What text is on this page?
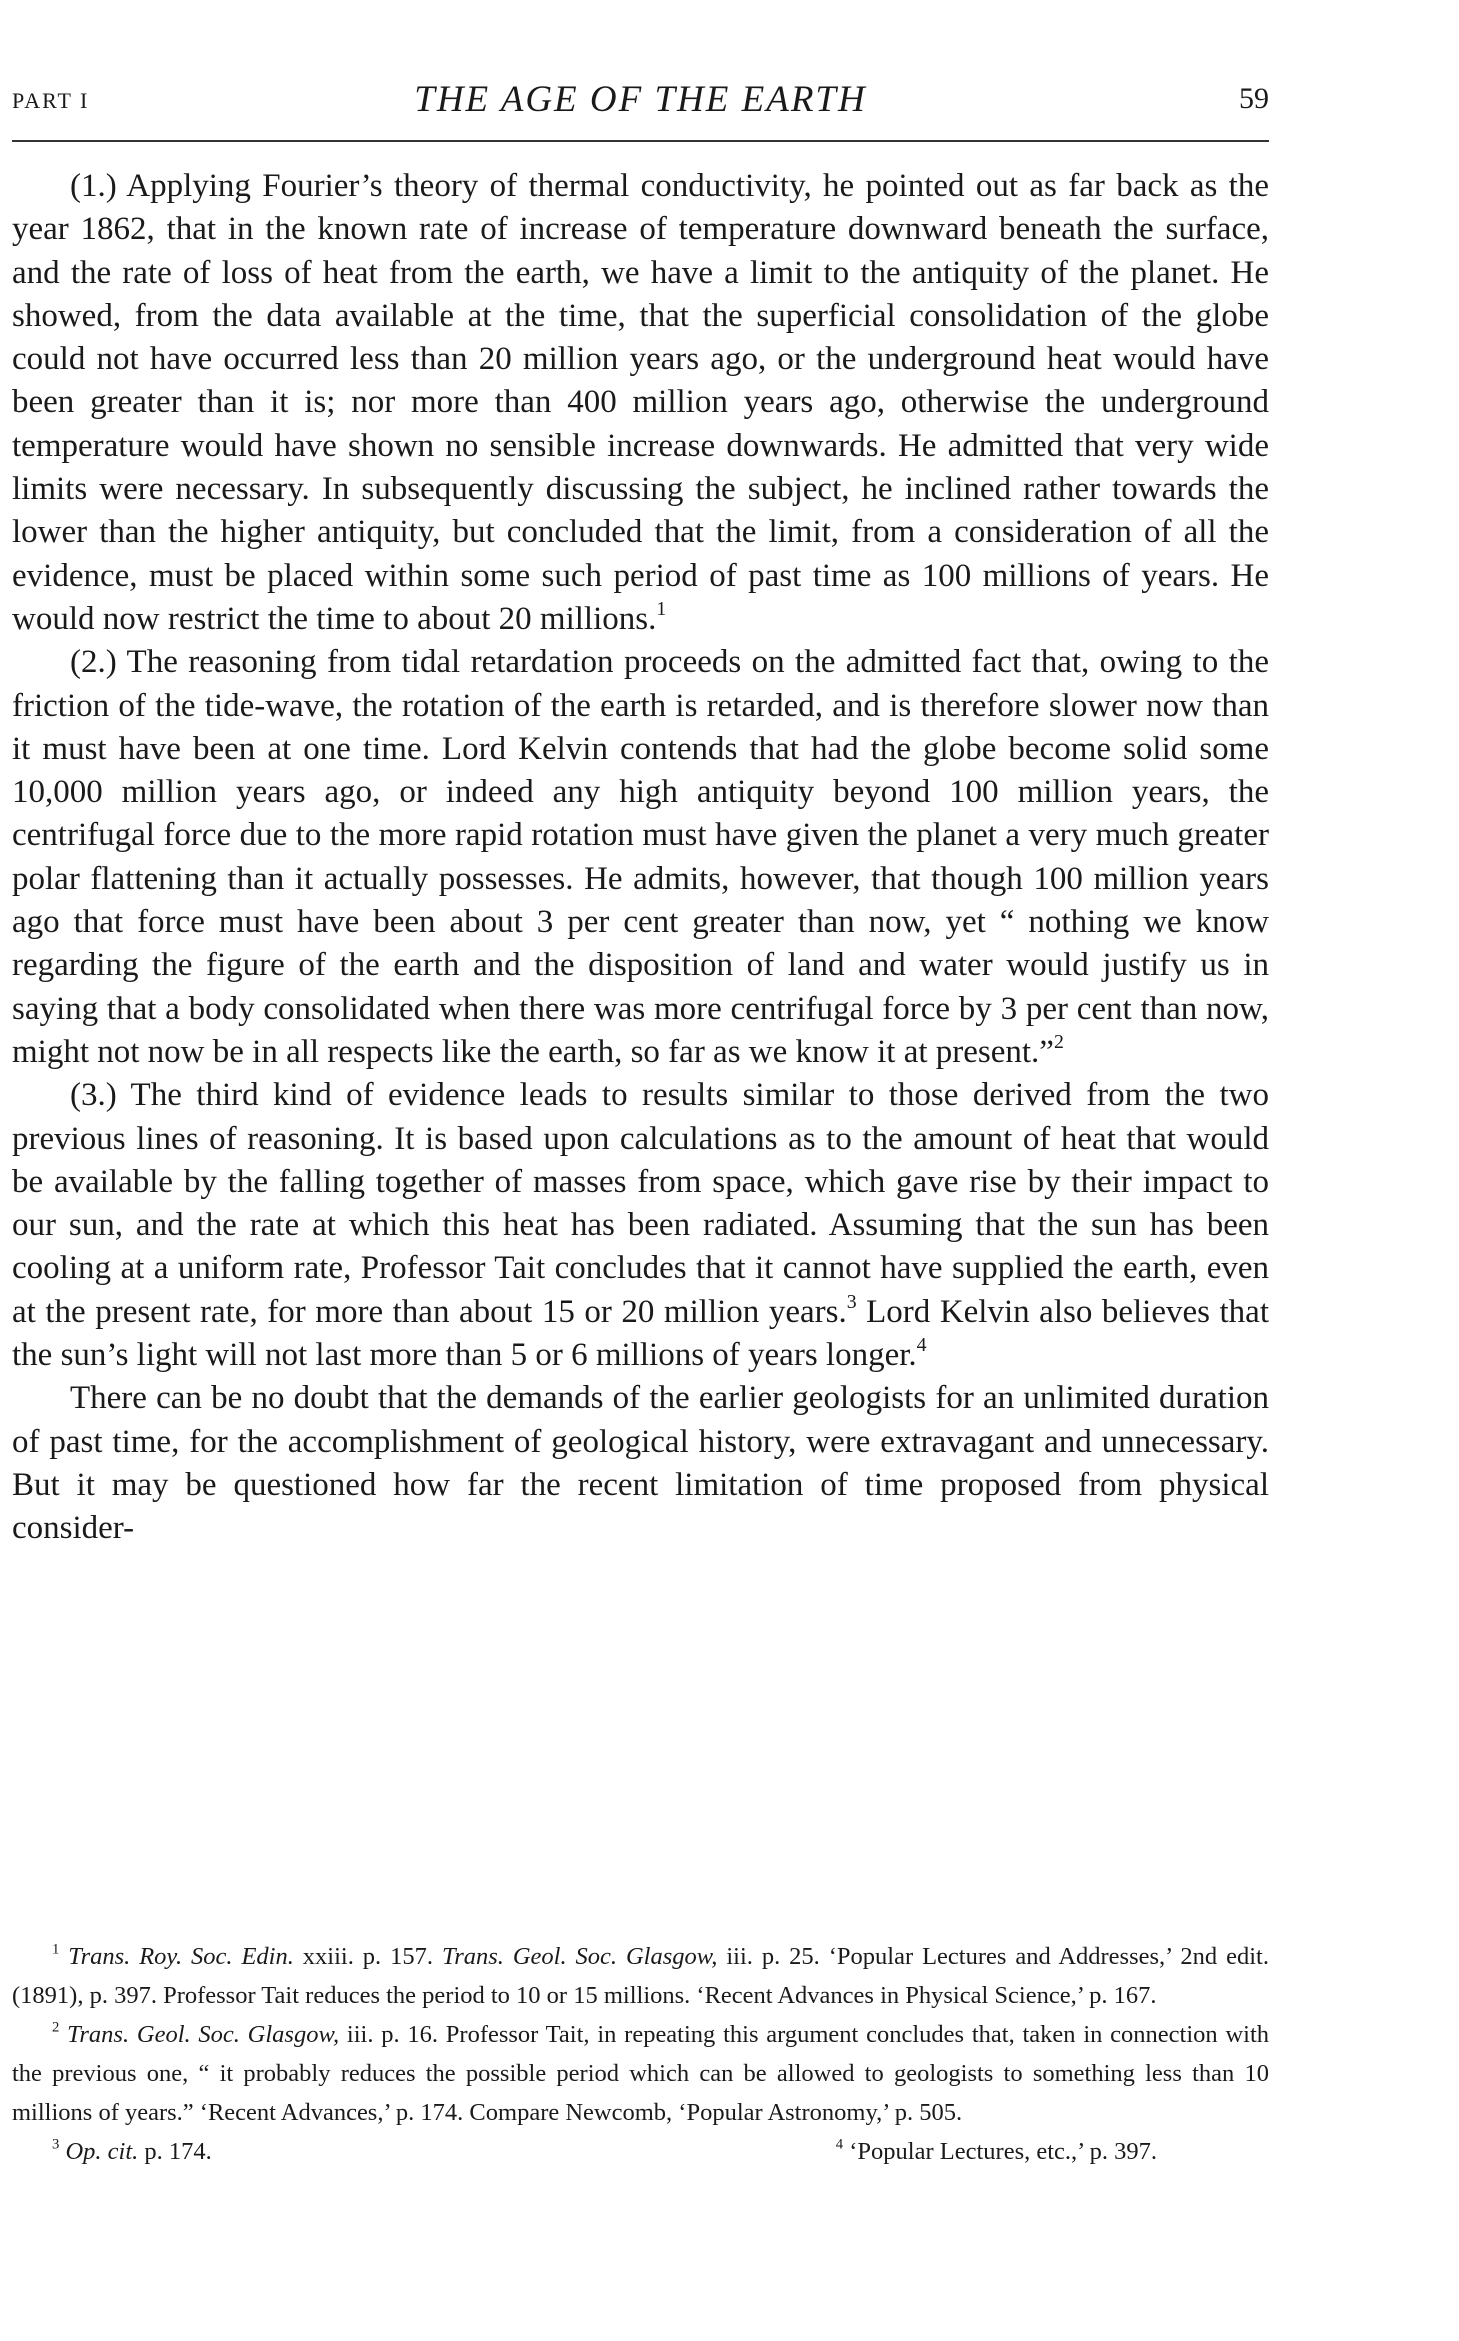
PART I	THE AGE OF THE EARTH	59

(1.) Applying Fourier’s theory of thermal conductivity, he pointed out as far back as the year 1862, that in the known rate of increase of temperature downward beneath the surface, and the rate of loss of heat from the earth, we have a limit to the antiquity of the planet. He showed, from the data available at the time, that the superficial consolidation of the globe could not have occurred less than 20 million years ago, or the underground heat would have been greater than it is; nor more than 400 million years ago, otherwise the underground temperature would have shown no sensible increase downwards. He admitted that very wide limits were necessary. In subsequently discussing the subject, he inclined rather towards the lower than the higher antiquity, but concluded that the limit, from a consideration of all the evidence, must be placed within some such period of past time as 100 millions of years. He would now restrict the time to about 20 millions.$^1$

(2.) The reasoning from tidal retardation proceeds on the admitted fact that, owing to the friction of the tide-wave, the rotation of the earth is retarded, and is therefore slower now than it must have been at one time. Lord Kelvin contends that had the globe become solid some 10,000 million years ago, or indeed any high antiquity beyond 100 million years, the centrifugal force due to the more rapid rotation must have given the planet a very much greater polar flattening than it actually possesses. He admits, however, that though 100 million years ago that force must have been about 3 per cent greater than now, yet “ nothing we know regarding the figure of the earth and the disposition of land and water would justify us in saying that a body consolidated when there was more centrifugal force by 3 per cent than now, might not now be in all respects like the earth, so far as we know it at present.”$^2$

(3.) The third kind of evidence leads to results similar to those derived from the two previous lines of reasoning. It is based upon calculations as to the amount of heat that would be available by the falling together of masses from space, which gave rise by their impact to our sun, and the rate at which this heat has been radiated. Assuming that the sun has been cooling at a uniform rate, Professor Tait concludes that it cannot have supplied the earth, even at the present rate, for more than about 15 or 20 million years.$^3$ Lord Kelvin also believes that the sun’s light will not last more than 5 or 6 millions of years longer.$^4$

There can be no doubt that the demands of the earlier geologists for an unlimited duration of past time, for the accomplishment of geological history, were extravagant and unnecessary. But it may be questioned how far the recent limitation of time proposed from physical consider-

$^1$ Trans. Roy. Soc. Edin. xxiii. p. 157. Trans. Geol. Soc. Glasgow, iii. p. 25. ‘Popular Lectures and Addresses,’ 2nd edit. (1891), p. 397. Professor Tait reduces the period to 10 or 15 millions. ‘Recent Advances in Physical Science,’ p. 167.

$^2$ Trans. Geol. Soc. Glasgow, iii. p. 16. Professor Tait, in repeating this argument concludes that, taken in connection with the previous one, “ it probably reduces the possible period which can be allowed to geologists to something less than 10 millions of years.” ‘Recent Advances,’ p. 174. Compare Newcomb, ‘Popular Astronomy,’ p. 505.

$^3$ Op. cit. p. 174.	$^4$ ‘Popular Lectures, etc.,’ p. 397.
